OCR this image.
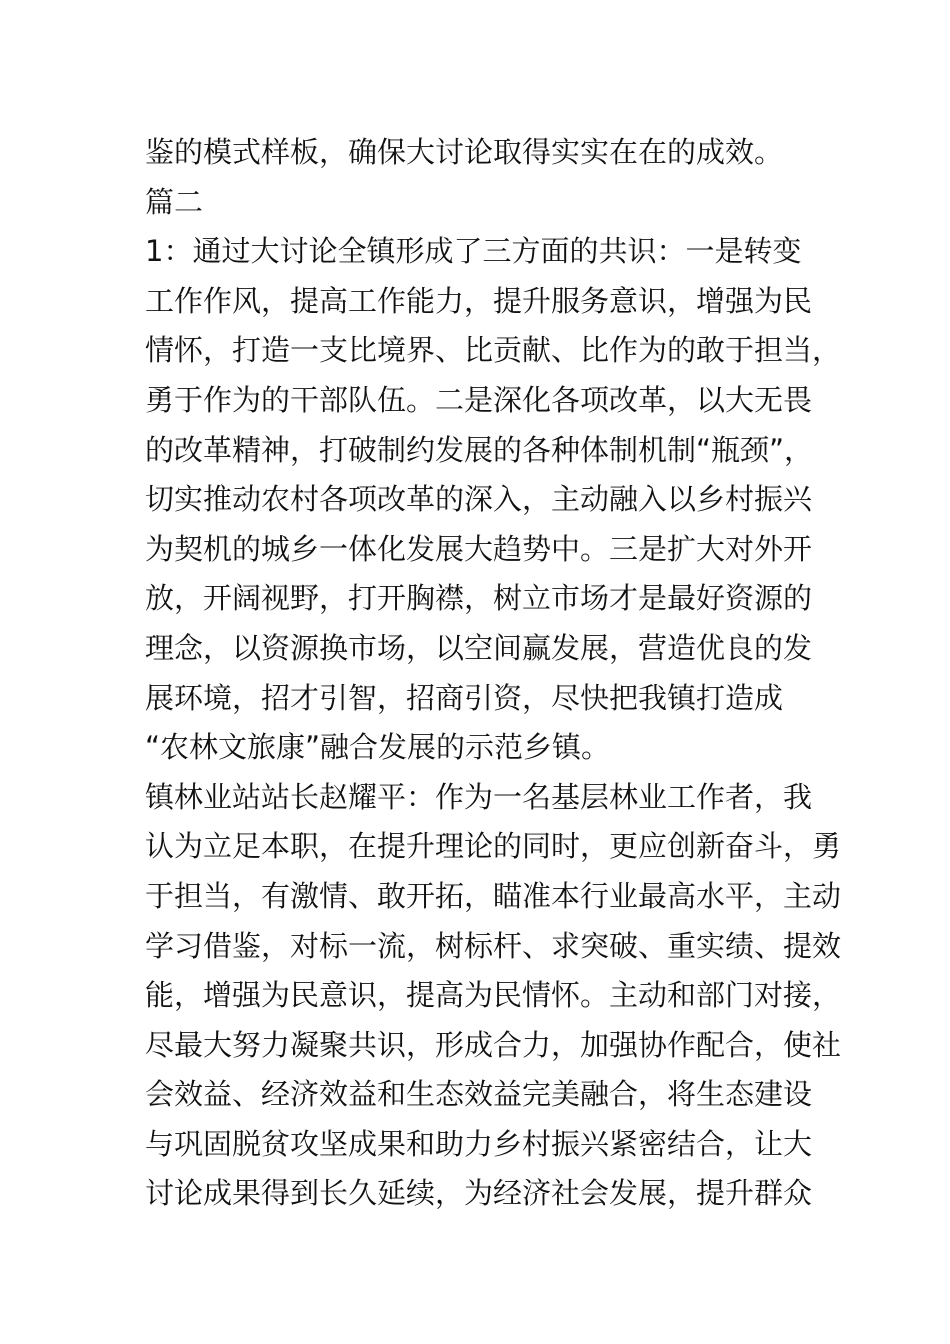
鉴的模式样板，确保大讨论取得实实在在的成效。
篇二
1：通过大讨论全镇形成了三方面的共识：一是转变
工作作风，提高工作能力，提升服务意识，增强为民
情怀，打造一支比境界、比贡献、比作为的敢于担当，
勇于作为的干部队伍。二是深化各项改革，以大无畏
的改革精神，打破制约发展的各种体制机制“瓶颈”，
切实推动农村各项改革的深入，主动融入以乡村振兴
为契机的城乡一体化发展大趋势中。三是扩大对外开
放，开阔视野，打开胸襟，树立市场才是最好资源的
理念，以资源换市场，以空间赢发展，营造优良的发
展环境，招才引智，招商引资，尽快把我镇打造成
“农林文旅康”融合发展的示范乡镇。
镇林业站站长赵耀平：作为一名基层林业工作者，我
认为立足本职，在提升理论的同时，更应创新奋斗，勇
于担当，有激情、敢开拓，瞄准本行业最高水平，主动
学习借鉴，对标一流，树标杆、求突破、重实绩、提效
能，增强为民意识，提高为民情怀。主动和部门对接，
尽最大努力凝聚共识，形成合力，加强协作配合，使社
会效益、经济效益和生态效益完美融合，将生态建设
与巩固脱贫攻坚成果和助力乡村振兴紧密结合，让大
讨论成果得到长久延续，为经济社会发展，提升群众
